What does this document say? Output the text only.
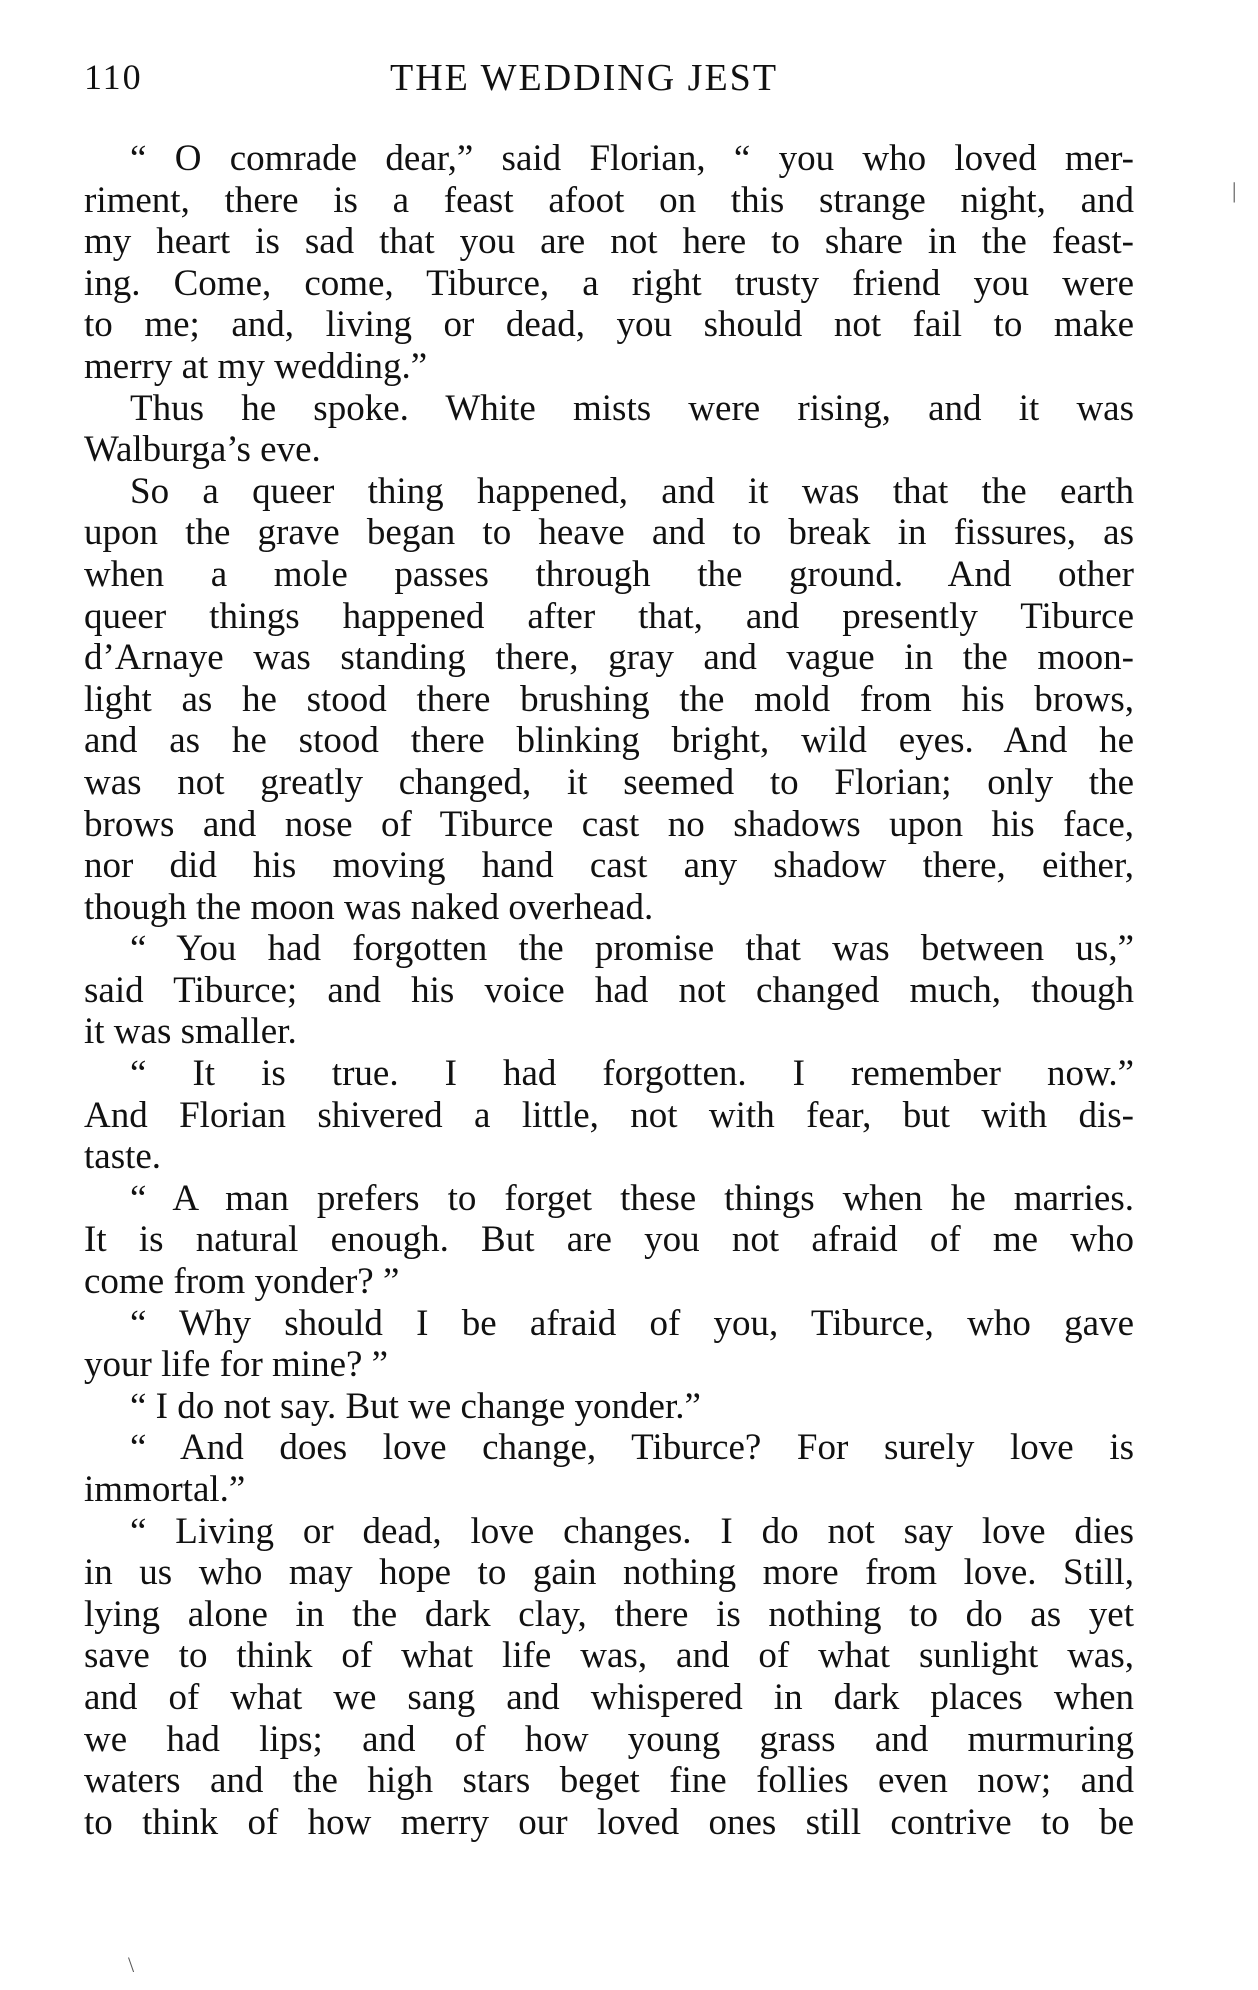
110	THE WEDDING JEST
“ O comrade dear,” said Florian, “ you who loved mer-
riment, there is a feast afoot on this strange night, and
my heart is sad that you are not here to share in the feast-
ing. Come, come, Tiburce, a right trusty friend you were
to me; and, living or dead, you should not fail to make
merry at my wedding.”
Thus he spoke. White mists were rising, and it was
Walburga’s eve.
So a queer thing happened, and it was that the earth
upon the grave began to heave and to break in fissures, as
when a mole passes through the ground. And other
queer things happened after that, and presently Tiburce
d’Arnaye was standing there, gray and vague in the moon-
light as he stood there brushing the mold from his brows,
and as he stood there blinking bright, wild eyes. And he
was not greatly changed, it seemed to Florian; only the
brows and nose of Tiburce cast no shadows upon his face,
nor did his moving hand cast any shadow there, either,
though the moon was naked overhead.
“ You had forgotten the promise that was between us,”
said Tiburce; and his voice had not changed much, though
it was smaller.
“ It is true. I had forgotten. I remember now.”
And Florian shivered a little, not with fear, but with dis-
taste.
“ A man prefers to forget these things when he marries.
It is natural enough. But are you not afraid of me who
come from yonder? ”
“ Why should I be afraid of you, Tiburce, who gave
your life for mine? ”
“ I do not say. But we change yonder.”
“ And does love change, Tiburce? For surely love is
immortal.”
“ Living or dead, love changes. I do not say love dies
in us who may hope to gain nothing more from love. Still,
lying alone in the dark clay, there is nothing to do as yet
save to think of what life was, and of what sunlight was,
and of what we sang and whispered in dark places when
we had lips; and of how young grass and murmuring
waters and the high stars beget fine follies even now; and
to think of how merry our loved ones still contrive to be
|
\
